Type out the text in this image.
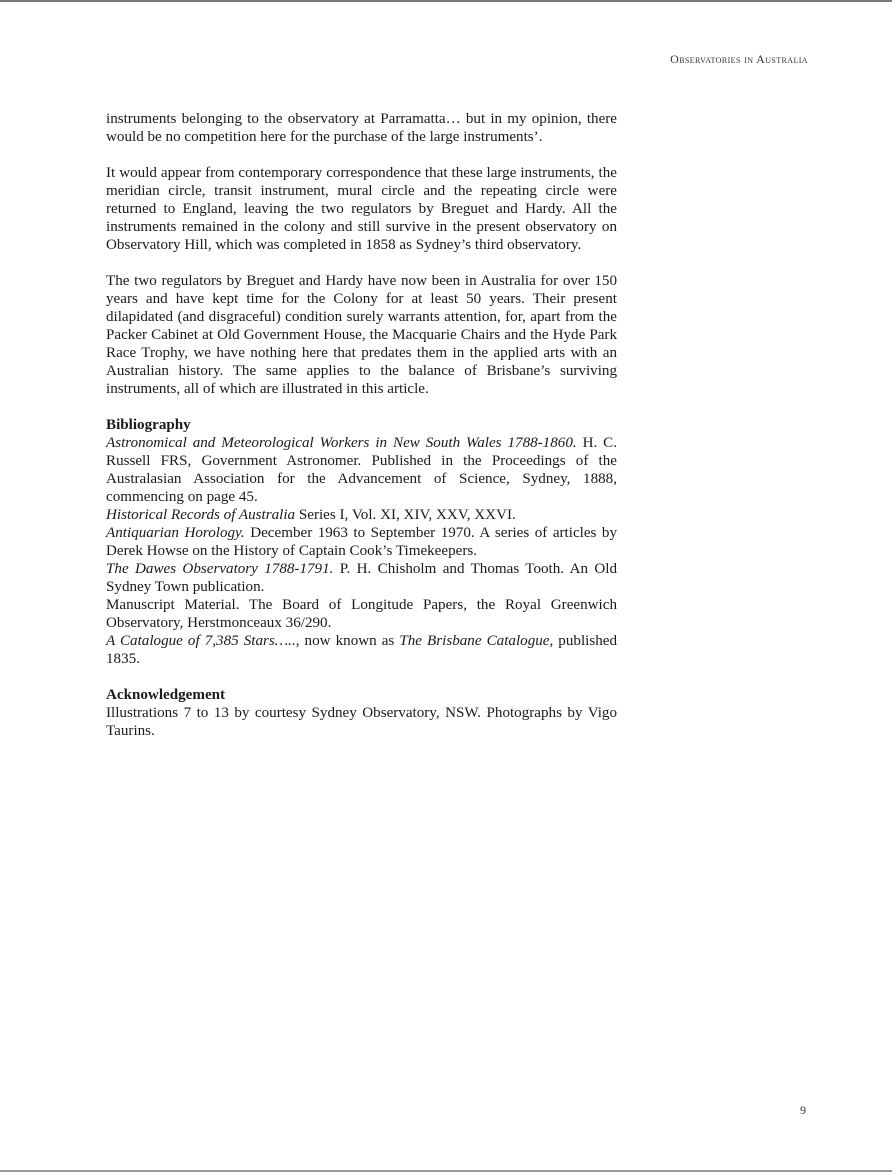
Observatories in Australia

instruments belonging to the observatory at Parramatta… but in my opinion, there would be no competition here for the purchase of the large instruments’.

It would appear from contemporary correspondence that these large instruments, the meridian circle, transit instrument, mural circle and the repeating circle were returned to England, leaving the two regulators by Breguet and Hardy. All the instruments remained in the colony and still survive in the present observatory on Observatory Hill, which was completed in 1858 as Sydney’s third observatory.

The two regulators by Breguet and Hardy have now been in Australia for over 150 years and have kept time for the Colony for at least 50 years. Their present dilapidated (and disgraceful) condition surely warrants attention, for, apart from the Packer Cabinet at Old Government House, the Macquarie Chairs and the Hyde Park Race Trophy, we have nothing here that predates them in the applied arts with an Australian history. The same applies to the balance of Brisbane’s surviving instruments, all of which are illustrated in this article.

Bibliography
Astronomical and Meteorological Workers in New South Wales 1788-1860. H. C. Russell FRS, Government Astronomer. Published in the Proceedings of the Australasian Association for the Advancement of Science, Sydney, 1888, commencing on page 45.
Historical Records of Australia Series I, Vol. XI, XIV, XXV, XXVI.
Antiquarian Horology. December 1963 to September 1970. A series of articles by Derek Howse on the History of Captain Cook’s Timekeepers.
The Dawes Observatory 1788-1791. P. H. Chisholm and Thomas Tooth. An Old Sydney Town publication.
Manuscript Material. The Board of Longitude Papers, the Royal Greenwich Observatory, Herstmonceaux 36/290.
A Catalogue of 7,385 Stars….., now known as The Brisbane Catalogue, published 1835.
Acknowledgement
Illustrations 7 to 13 by courtesy Sydney Observatory, NSW. Photographs by Vigo Taurins.
9
